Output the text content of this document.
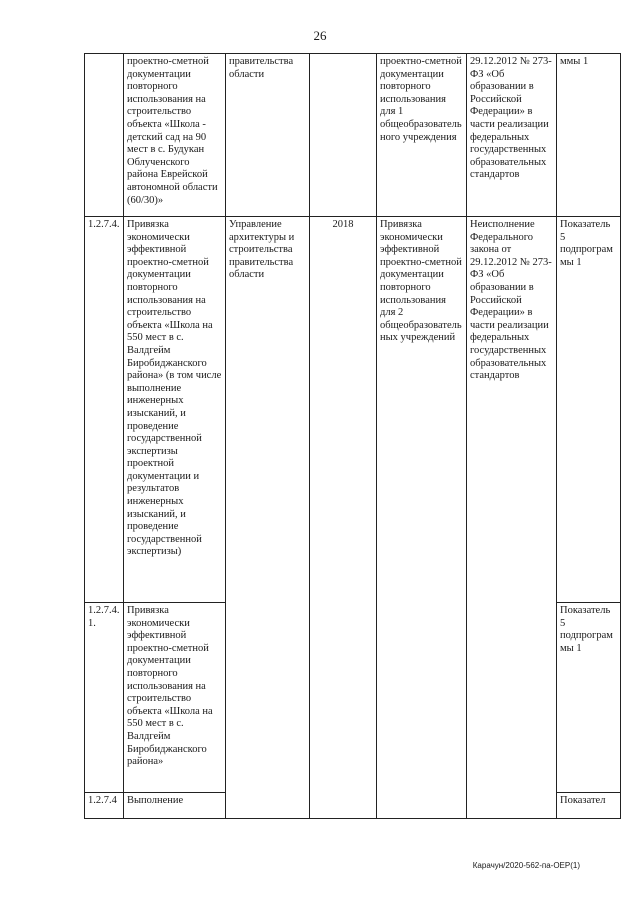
26
	проектно-сметной документации повторного использования на строительство объекта «Школа - детский сад на 90 мест в с. Будукан Облученского района Еврейской автономной области (60/30)»	правительства области		проектно-сметной документации повторного использования для 1 общеобразовательного учреждения	29.12.2012 № 273-ФЗ «Об образовании в Российской Федерации» в части реализации федеральных государственных образовательных стандартов	ммы 1
1.2.7.4.	Привязка экономически эффективной проектно-сметной документации повторного использования на строительство объекта «Школа на 550 мест в с. Валдгейм Биробиджанского района» (в том числе выполнение инженерных изысканий, и проведение государственной экспертизы проектной документации и результатов инженерных изысканий, и проведение государственной экспертизы)	Управление архитектуры и строительства правительства области	2018	Привязка экономически эффективной проектно-сметной документации повторного использования для 2 общеобразовательных учреждений	Неисполнение Федерального закона от 29.12.2012 № 273-ФЗ «Об образовании в Российской Федерации» в части реализации федеральных государственных образовательных стандартов	Показатель 5 подпрограммы 1
1.2.7.4.1.	Привязка экономически эффективной проектно-сметной документации повторного использования на строительство объекта «Школа на 550 мест в с. Валдгейм Биробиджанского района»					Показатель 5 подпрограммы 1
1.2.7.4	Выполнение					Показател
Карачун/2020-562-па-ОЕР(1)
